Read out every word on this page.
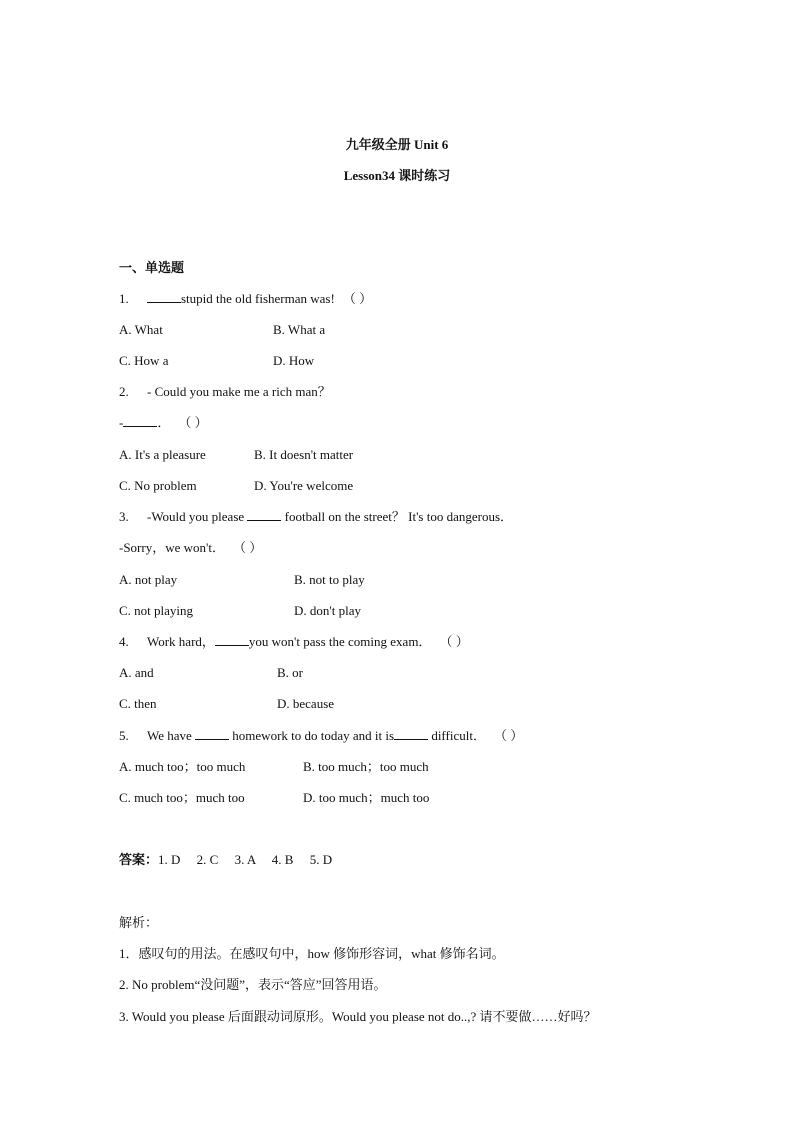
九年级全册 Unit 6
Lesson34 课时练习
一、单选题
1.	stupid the old fisherman was! （ ）
A. What	B. What a
C. How a	D. How
2. - Could you make me a rich man？
-	． （ ）
A. It's a pleasure	B. It doesn't matter
C. No problem	D. You're welcome
3. -Would you please	football on the street？ It's too dangerous．
-Sorry，we won't． （ ）
A. not play	B. not to play
C. not playing	D. don't play
4. Work hard，	you won't pass the coming exam． （ ）
A. and	B. or
C. then	D. because
5. We have	homework to do today and it is	difficult． （ ）
A. much too；too much	B. too much；too much
C. much too；much too	D. too much；much too
答案：1. D     2. C     3. A     4. B     5. D
解析：
1．感叹句的用法。在感叹句中，how 修饰形容词，what 修饰名词。
2. No problem“没问题”，表示“答应”回答用语。
3. Would you please 后面跟动词原形。Would you please not do..,? 请不要做……好吗？
